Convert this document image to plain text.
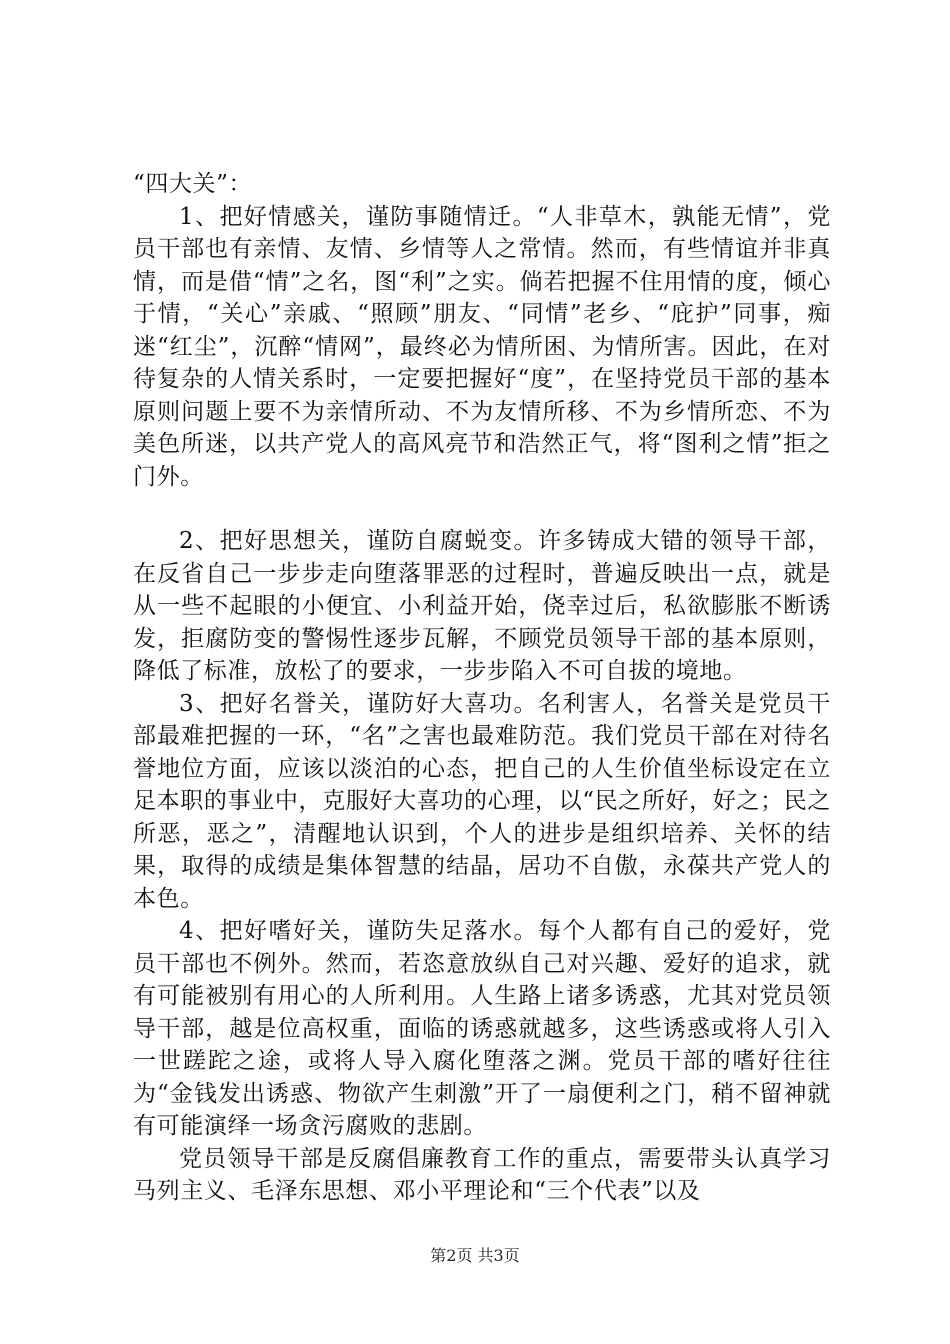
“四大关”：

1、把好情感关，谨防事随情迁。“人非草木，孰能无情”，党员干部也有亲情、友情、乡情等人之常情。然而，有些情谊并非真情，而是借“情”之名，图“利”之实。倘若把握不住用情的度，倾心于情，“关心”亲戚、“照顾”朋友、“同情”老乡、“庇护”同事，痴迷“红尘”，沉醉“情网”，最终必为情所困、为情所害。因此，在对待复杂的人情关系时，一定要把握好“度”，在坚持党员干部的基本原则问题上要不为亲情所动、不为友情所移、不为乡情所恋、不为美色所迷，以共产党人的高风亮节和浩然正气，将“图利之情”拒之门外。

2、把好思想关，谨防自腐蜕变。许多铸成大错的领导干部，在反省自己一步步走向堕落罪恶的过程时，普遍反映出一点，就是从一些不起眼的小便宜、小利益开始，侥幸过后，私欲膨胀不断诱发，拒腐防变的警惕性逐步瓦解，不顾党员领导干部的基本原则，降低了标准，放松了的要求，一步步陷入不可自拔的境地。

3、把好名誉关，谨防好大喜功。名利害人，名誉关是党员干部最难把握的一环，“名”之害也最难防范。我们党员干部在对待名誉地位方面，应该以淡泊的心态，把自己的人生价值坐标设定在立足本职的事业中，克服好大喜功的心理，以“民之所好，好之；民之所恶，恶之”，清醒地认识到，个人的进步是组织培养、关怀的结果，取得的成绩是集体智慧的结晶，居功不自傲，永葆共产党人的本色。

4、把好嗜好关，谨防失足落水。每个人都有自己的爱好，党员干部也不例外。然而，若恣意放纵自己对兴趣、爱好的追求，就有可能被别有用心的人所利用。人生路上诸多诱惑，尤其对党员领导干部，越是位高权重，面临的诱惑就越多，这些诱惑或将人引入一世蹉跎之途，或将人导入腐化堕落之渊。党员干部的嗜好往往为“金钱发出诱惑、物欲产生刺激”开了一扇便利之门，稍不留神就有可能演绎一场贪污腐败的悲剧。

党员领导干部是反腐倡廉教育工作的重点，需要带头认真学习马列主义、毛泽东思想、邓小平理论和“三个代表”以及

第2页 共3页
